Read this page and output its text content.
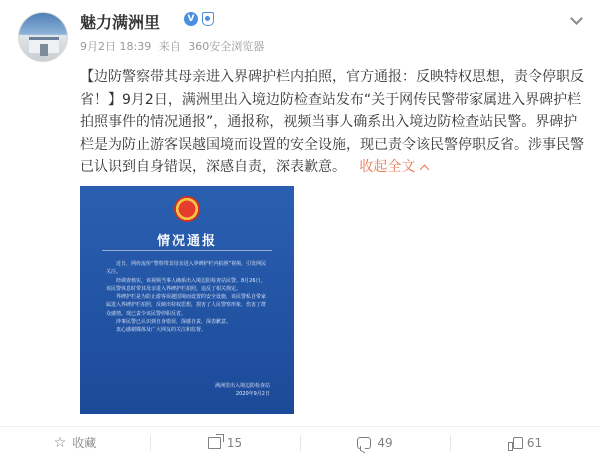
魅力满洲里	V
9月2日 18:39 来自 360安全浏览器
【边防警察带其母亲进入界碑护栏内拍照，官方通报：反映特权思想，责令停职反省！】9月2日，满洲里出入境边防检查站发布“关于网传民警带家属进入界碑护栏拍照事件的情况通报”，通报称，视频当事人确系出入境边防检查站民警。界碑护栏是为防止游客误越国境而设置的安全设施，现已责令该民警停职反省。涉事民警已认识到自身错误，深感自责，深表歉意。 收起全文
情况通报

近日，网传流传“警察带其母亲进入界碑护栏内拍照”视频，引发网民关注。

经调查核实，该视频当事人确系出入境边防检查站民警。8月26日，该民警休息时带其母亲进入界碑护栏拍照，违反了相关规定。

界碑护栏是为防止游客误越国境而设置的安全设施，该民警私自带家属进入界碑护栏拍照，反映出特权思想，损害了人民警察形象，伤害了群众感情。现已责令该民警停职反省。

涉事民警已认识到自身错误，深感自责，深表歉意。

衷心感谢媒体及广大网友的关注和监督。

满洲里出入境边防检查站
2020年9月2日
☆ 收藏	15	49	61
